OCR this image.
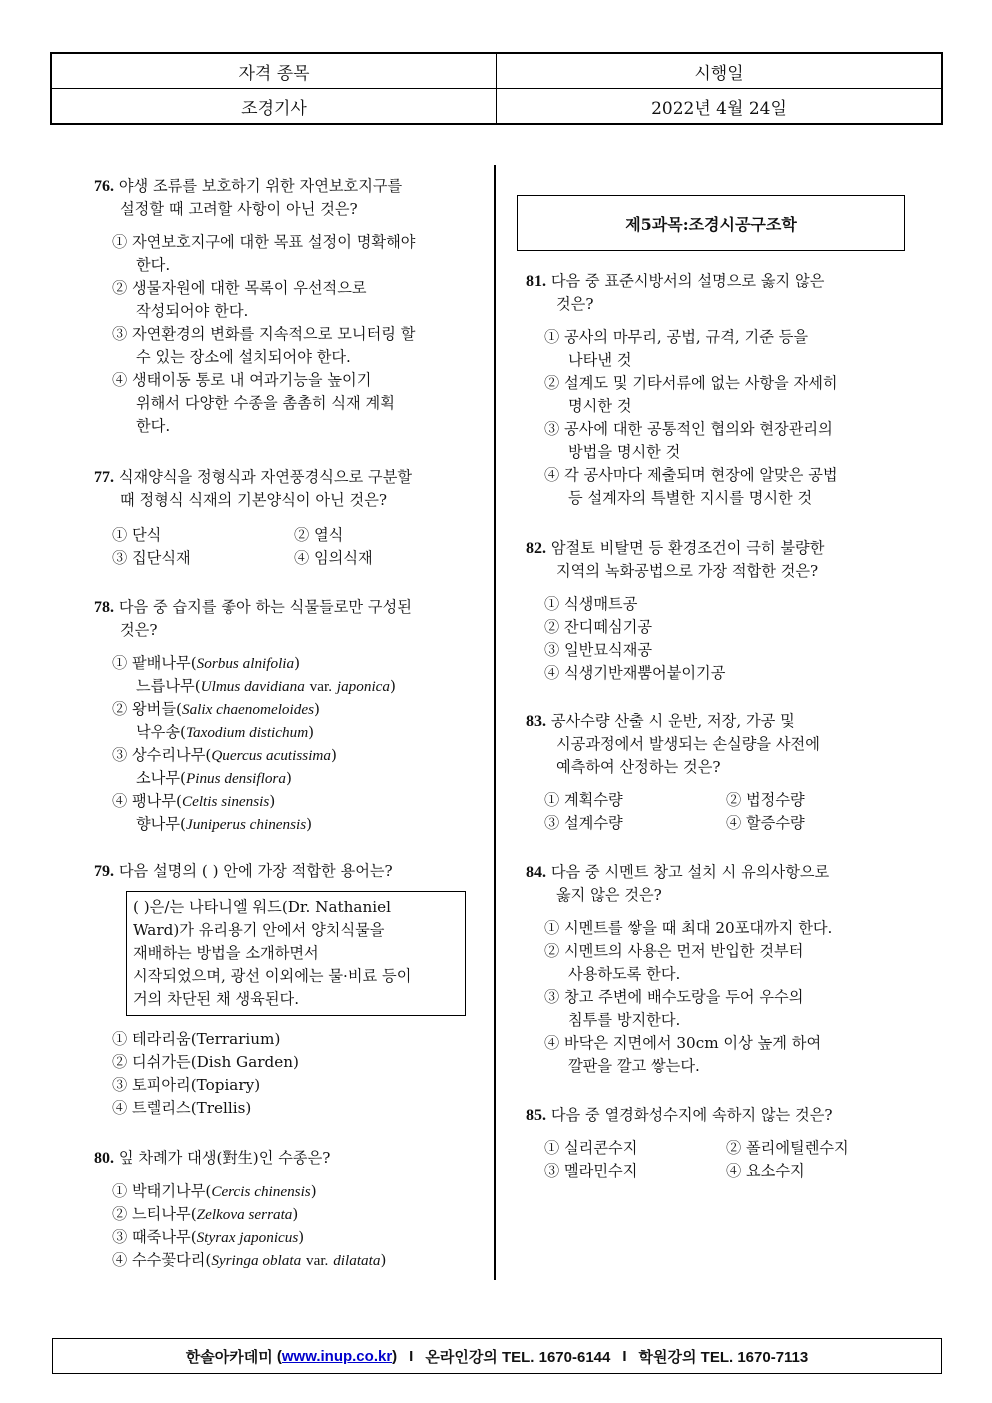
자격 종목	시행일
조경기사	2022년 4월 24일
76. 야생 조류를 보호하기 위한 자연보호지구를
설정할 때 고려할 사항이 아닌 것은?
① 자연보호지구에 대한 목표 설정이 명확해야
한다.
② 생물자원에 대한 목록이 우선적으로
작성되어야 한다.
③ 자연환경의 변화를 지속적으로 모니터링 할
수 있는 장소에 설치되어야 한다.
④ 생태이동 통로 내 여과기능을 높이기
위해서 다양한 수종을 촘촘히 식재 계획
한다.
77. 식재양식을 정형식과 자연풍경식으로 구분할
때 정형식 식재의 기본양식이 아닌 것은?
① 단식	② 열식
③ 집단식재	④ 임의식재
78. 다음 중 습지를 좋아 하는 식물들로만 구성된
것은?
① 팥배나무(Sorbus alnifolia)
느릅나무(Ulmus davidiana var. japonica)
② 왕버들(Salix chaenomeloides)
낙우송(Taxodium distichum)
③ 상수리나무(Quercus acutissima)
소나무(Pinus densiflora)
④ 팽나무(Celtis sinensis)
향나무(Juniperus chinensis)
79. 다음 설명의 ( ) 안에 가장 적합한 용어는?
( )은/는 나타니엘 워드(Dr. Nathaniel
Ward)가 유리용기 안에서 양치식물을
재배하는 방법을 소개하면서
시작되었으며, 광선 이외에는 물·비료 등이
거의 차단된 채 생육된다.
① 테라리움(Terrarium)
② 디쉬가든(Dish Garden)
③ 토피아리(Topiary)
④ 트렐리스(Trellis)
80. 잎 차례가 대생(對生)인 수종은?
① 박태기나무(Cercis chinensis)
② 느티나무(Zelkova serrata)
③ 때죽나무(Styrax japonicus)
④ 수수꽃다리(Syringa oblata var. dilatata)
제5과목:조경시공구조학
81. 다음 중 표준시방서의 설명으로 옳지 않은
것은?
① 공사의 마무리, 공법, 규격, 기준 등을
나타낸 것
② 설계도 및 기타서류에 없는 사항을 자세히
명시한 것
③ 공사에 대한 공통적인 협의와 현장관리의
방법을 명시한 것
④ 각 공사마다 제출되며 현장에 알맞은 공법
등 설계자의 특별한 지시를 명시한 것
82. 암절토 비탈면 등 환경조건이 극히 불량한
지역의 녹화공법으로 가장 적합한 것은?
① 식생매트공
② 잔디떼심기공
③ 일반묘식재공
④ 식생기반재뿜어붙이기공
83. 공사수량 산출 시 운반, 저장, 가공 및
시공과정에서 발생되는 손실량을 사전에
예측하여 산정하는 것은?
① 계획수량	② 법정수량
③ 설계수량	④ 할증수량
84. 다음 중 시멘트 창고 설치 시 유의사항으로
옳지 않은 것은?
① 시멘트를 쌓을 때 최대 20포대까지 한다.
② 시멘트의 사용은 먼저 반입한 것부터
사용하도록 한다.
③ 창고 주변에 배수도랑을 두어 우수의
침투를 방지한다.
④ 바닥은 지면에서 30cm 이상 높게 하여
깔판을 깔고 쌓는다.
85. 다음 중 열경화성수지에 속하지 않는 것은?
① 실리콘수지	② 폴리에틸렌수지
③ 멜라민수지	④ 요소수지
한솔아카데미
( www.inup.co.kr ) I 온라인강의 TEL. 1670-6144 I 학원강의 TEL. 1670-7113
